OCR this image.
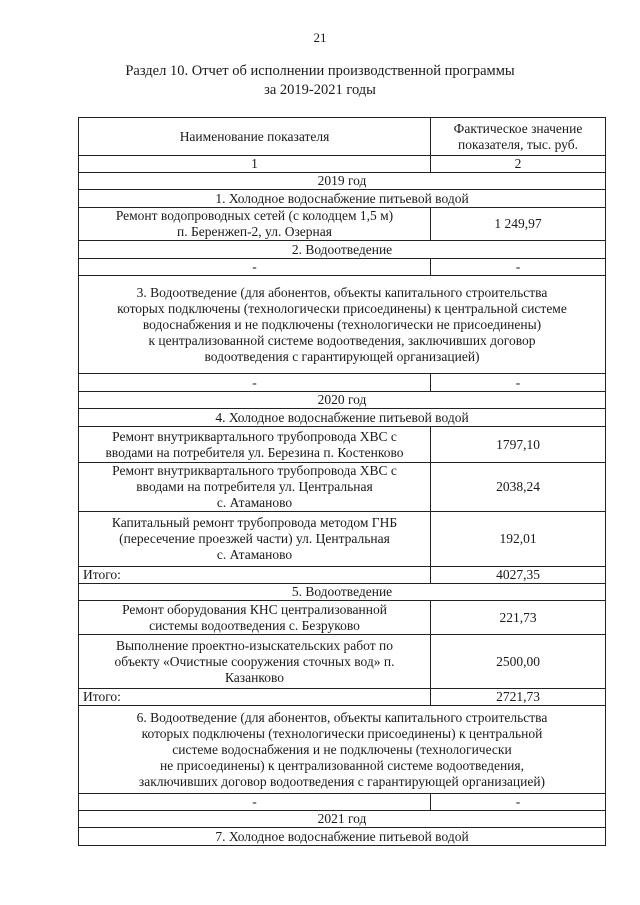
21
Раздел 10. Отчет об исполнении производственной программы
за 2019-2021 годы
Наименование показателя	Фактическое значение
показателя, тыс. руб.

1	2
2019 год	
1. Холодное водоснабжение питьевой водой	

Ремонт водопроводных сетей (с колодцем 1,5 м)
п. Беренжеп-2, ул. Озерная	1 249,97
2. Водоотведение	
-	-

3. Водоотведение (для абонентов, объекты капитального строительства
которых подключены (технологически присоединены) к центральной системе
водоснабжения и не подключены (технологически не присоединены)
к централизованной системе водоотведения, заключивших договор
водоотведения с гарантирующей организацией)	

-	-
2020 год	
4. Холодное водоснабжение питьевой водой	

Ремонт внутриквартального трубопровода ХВС с
вводами на потребителя ул. Березина п. Костенково	1797,10

Ремонт внутриквартального трубопровода ХВС с
вводами на потребителя ул. Центральная
с. Атаманово	2038,24

Капитальный ремонт трубопровода методом ГНБ
(пересечение проезжей части) ул. Центральная
с. Атаманово	192,01
Итого:	4027,35
5. Водоотведение	

Ремонт оборудования КНС централизованной
системы водоотведения с. Безруково	221,73

Выполнение проектно-изыскательских работ по
объекту «Очистные сооружения сточных вод» п.
Казанково	2500,00
Итого:	2721,73

6. Водоотведение (для абонентов, объекты капитального строительства
которых подключены (технологически присоединены) к центральной
системе водоснабжения и не подключены (технологически
не присоединены) к централизованной системе водоотведения,
заключивших договор водоотведения с гарантирующей организацией)	

-	-
2021 год	
7. Холодное водоснабжение питьевой водой	
